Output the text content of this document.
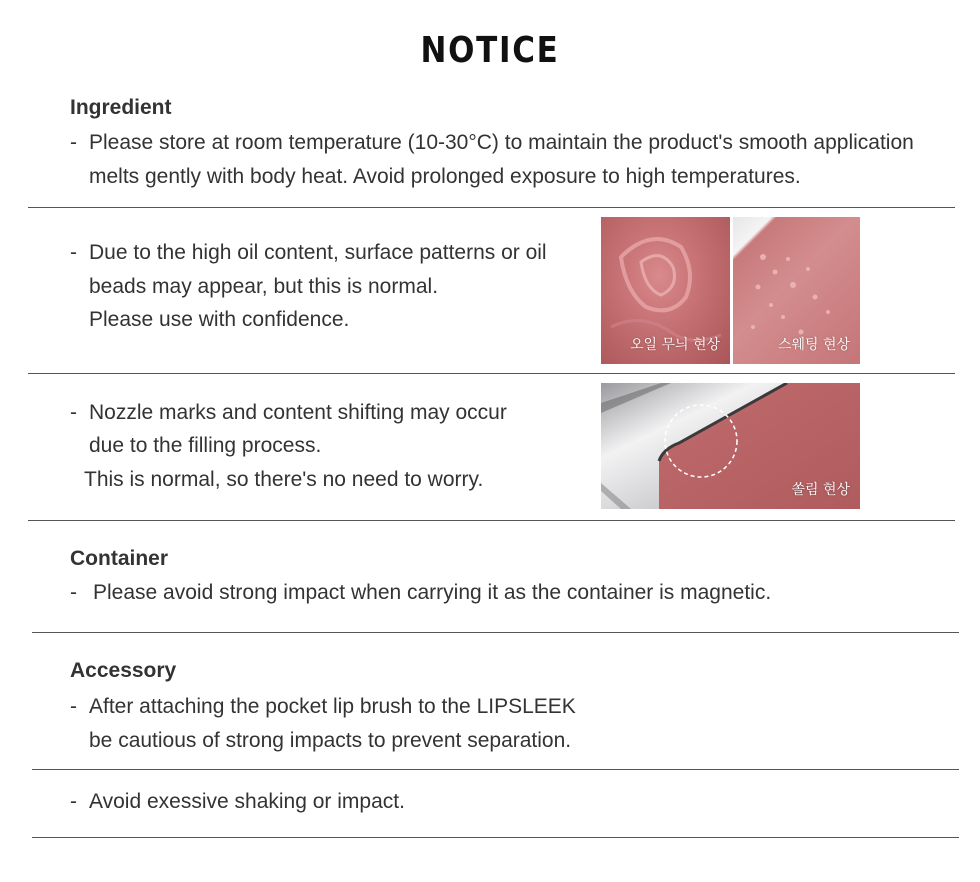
NOTICE
Ingredient
- Please store at room temperature (10-30°C) to maintain the product's smooth application
melts gently with body heat. Avoid prolonged exposure to high temperatures.
- Due to the high oil content, surface patterns or oil
beads may appear, but this is normal.
Please use with confidence.
오일 무늬 현상	스웨팅 현상
- Nozzle marks and content shifting may occur
due to the filling process.
This is normal, so there's no need to worry.	쏠림 현상
Container
- Please avoid strong impact when carrying it as the container is magnetic.
Accessory
- After attaching the pocket lip brush to the LIPSLEEK
be cautious of strong impacts to prevent separation.
- Avoid exessive shaking or impact.
